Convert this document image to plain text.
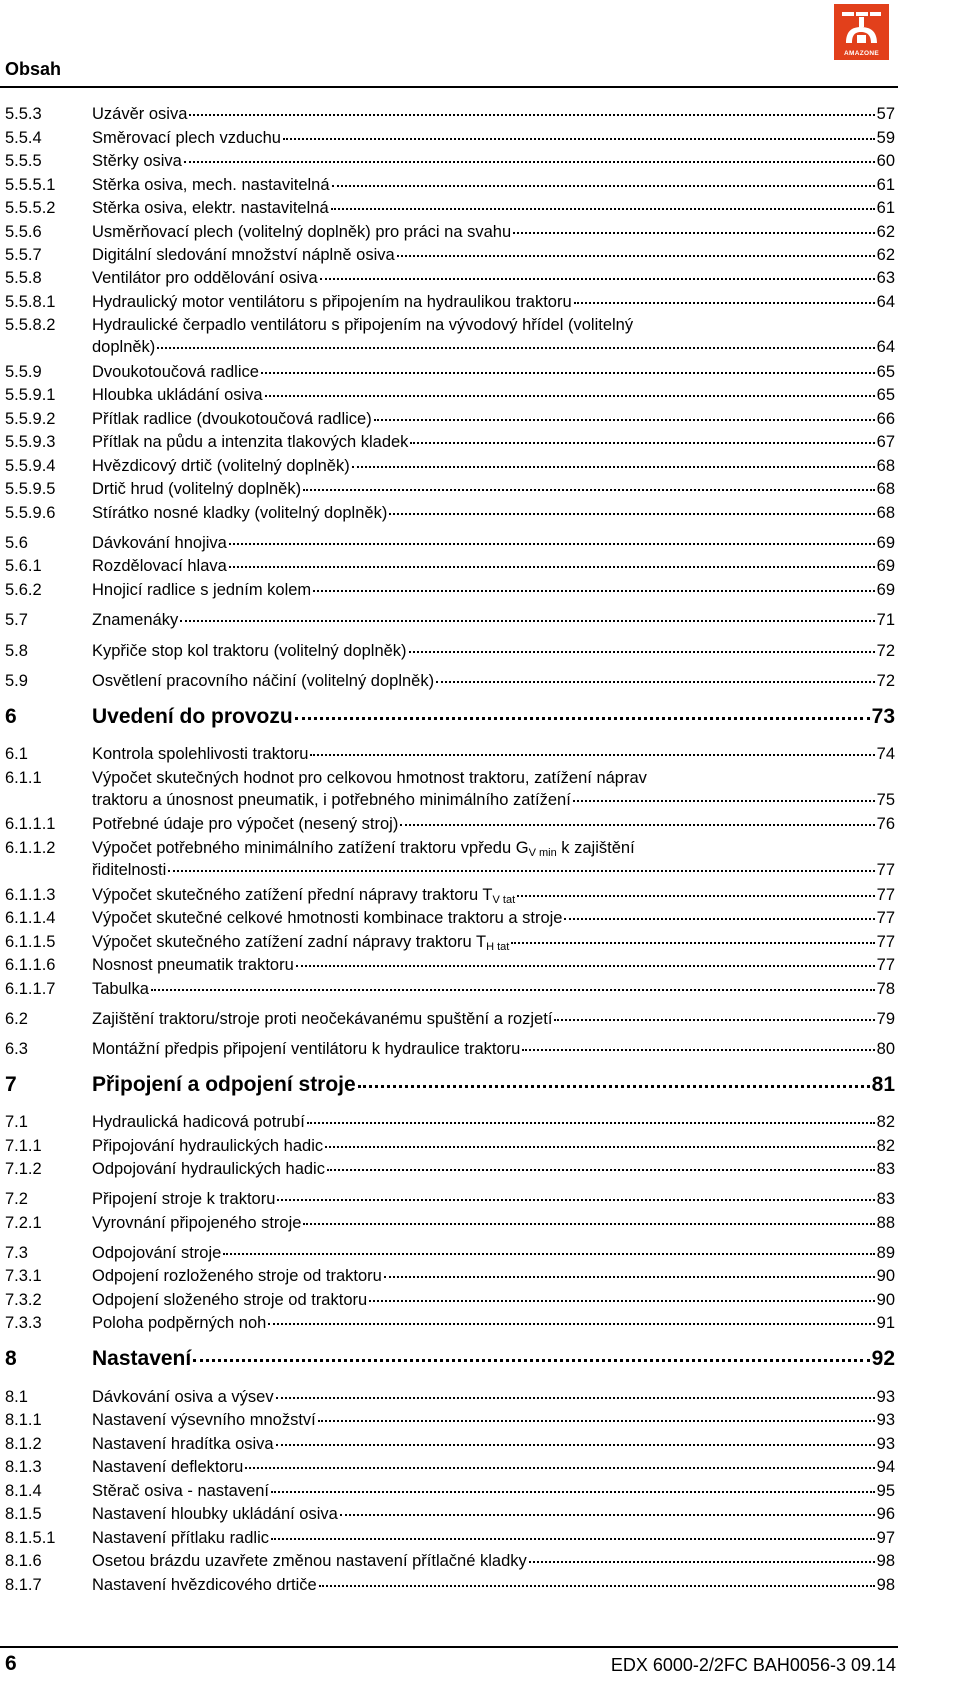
Obsah
AMAZONE
5.5.3	Uzávěr osiva	57
5.5.4	Směrovací plech vzduchu	59
5.5.5	Stěrky osiva	60
5.5.5.1	Stěrka osiva, mech. nastavitelná	61
5.5.5.2	Stěrka osiva, elektr. nastavitelná	61
5.5.6	Usměrňovací plech (volitelný doplněk) pro práci na svahu	62
5.5.7	Digitální sledování množství náplně osiva	62
5.5.8	Ventilátor pro oddělování osiva	63
5.5.8.1	Hydraulický motor ventilátoru s připojením na hydraulikou traktoru	64
5.5.8.2	Hydraulické čerpadlo ventilátoru s připojením na vývodový hřídel (volitelný
doplněk)	64
5.5.9	Dvoukotoučová radlice	65
5.5.9.1	Hloubka ukládání osiva	65
5.5.9.2	Přítlak radlice (dvoukotoučová radlice)	66
5.5.9.3	Přítlak na půdu a intenzita tlakových kladek	67
5.5.9.4	Hvězdicový drtič (volitelný doplněk)	68
5.5.9.5	Drtič hrud (volitelný doplněk)	68
5.5.9.6	Stírátko nosné kladky (volitelný doplněk)	68
5.6	Dávkování hnojiva	69
5.6.1	Rozdělovací hlava	69
5.6.2	Hnojicí radlice s jedním kolem	69
5.7	Znamenáky	71
5.8	Kypřiče stop kol traktoru (volitelný doplněk)	72
5.9	Osvětlení pracovního náčiní (volitelný doplněk)	72
6	Uvedení do provozu	73
6.1	Kontrola spolehlivosti traktoru	74
6.1.1	Výpočet skutečných hodnot pro celkovou hmotnost traktoru, zatížení náprav
traktoru a únosnost pneumatik, i potřebného minimálního zatížení	75
6.1.1.1	Potřebné údaje pro výpočet (nesený stroj)	76
6.1.1.2	Výpočet potřebného minimálního zatížení traktoru vpředu $G_{V min}$ k zajištění
řiditelnosti	77
6.1.1.3	Výpočet skutečného zatížení přední nápravy traktoru $T_{V tat}$	77
6.1.1.4	Výpočet skutečné celkové hmotnosti kombinace traktoru a stroje	77
6.1.1.5	Výpočet skutečného zatížení zadní nápravy traktoru $T_{H tat}$	77
6.1.1.6	Nosnost pneumatik traktoru	77
6.1.1.7	Tabulka	78
6.2	Zajištění traktoru/stroje proti neočekávanému spuštění a rozjetí	79
6.3	Montážní předpis připojení ventilátoru k hydraulice traktoru	80
7	Připojení a odpojení stroje	81
7.1	Hydraulická hadicová potrubí	82
7.1.1	Připojování hydraulických hadic	82
7.1.2	Odpojování hydraulických hadic	83
7.2	Připojení stroje k traktoru	83
7.2.1	Vyrovnání připojeného stroje	88
7.3	Odpojování stroje	89
7.3.1	Odpojení rozloženého stroje od traktoru	90
7.3.2	Odpojení složeného stroje od traktoru	90
7.3.3	Poloha podpěrných noh	91
8	Nastavení	92
8.1	Dávkování osiva a výsev	93
8.1.1	Nastavení výsevního množství	93
8.1.2	Nastavení hradítka osiva	93
8.1.3	Nastavení deflektoru	94
8.1.4	Stěrač osiva - nastavení	95
8.1.5	Nastavení hloubky ukládání osiva	96
8.1.5.1	Nastavení přítlaku radlic	97
8.1.6	Osetou brázdu uzavřete změnou nastavení přítlačné kladky	98
8.1.7	Nastavení hvězdicového drtiče	98
6	EDX 6000-2/2FC BAH0056-3 09.14
